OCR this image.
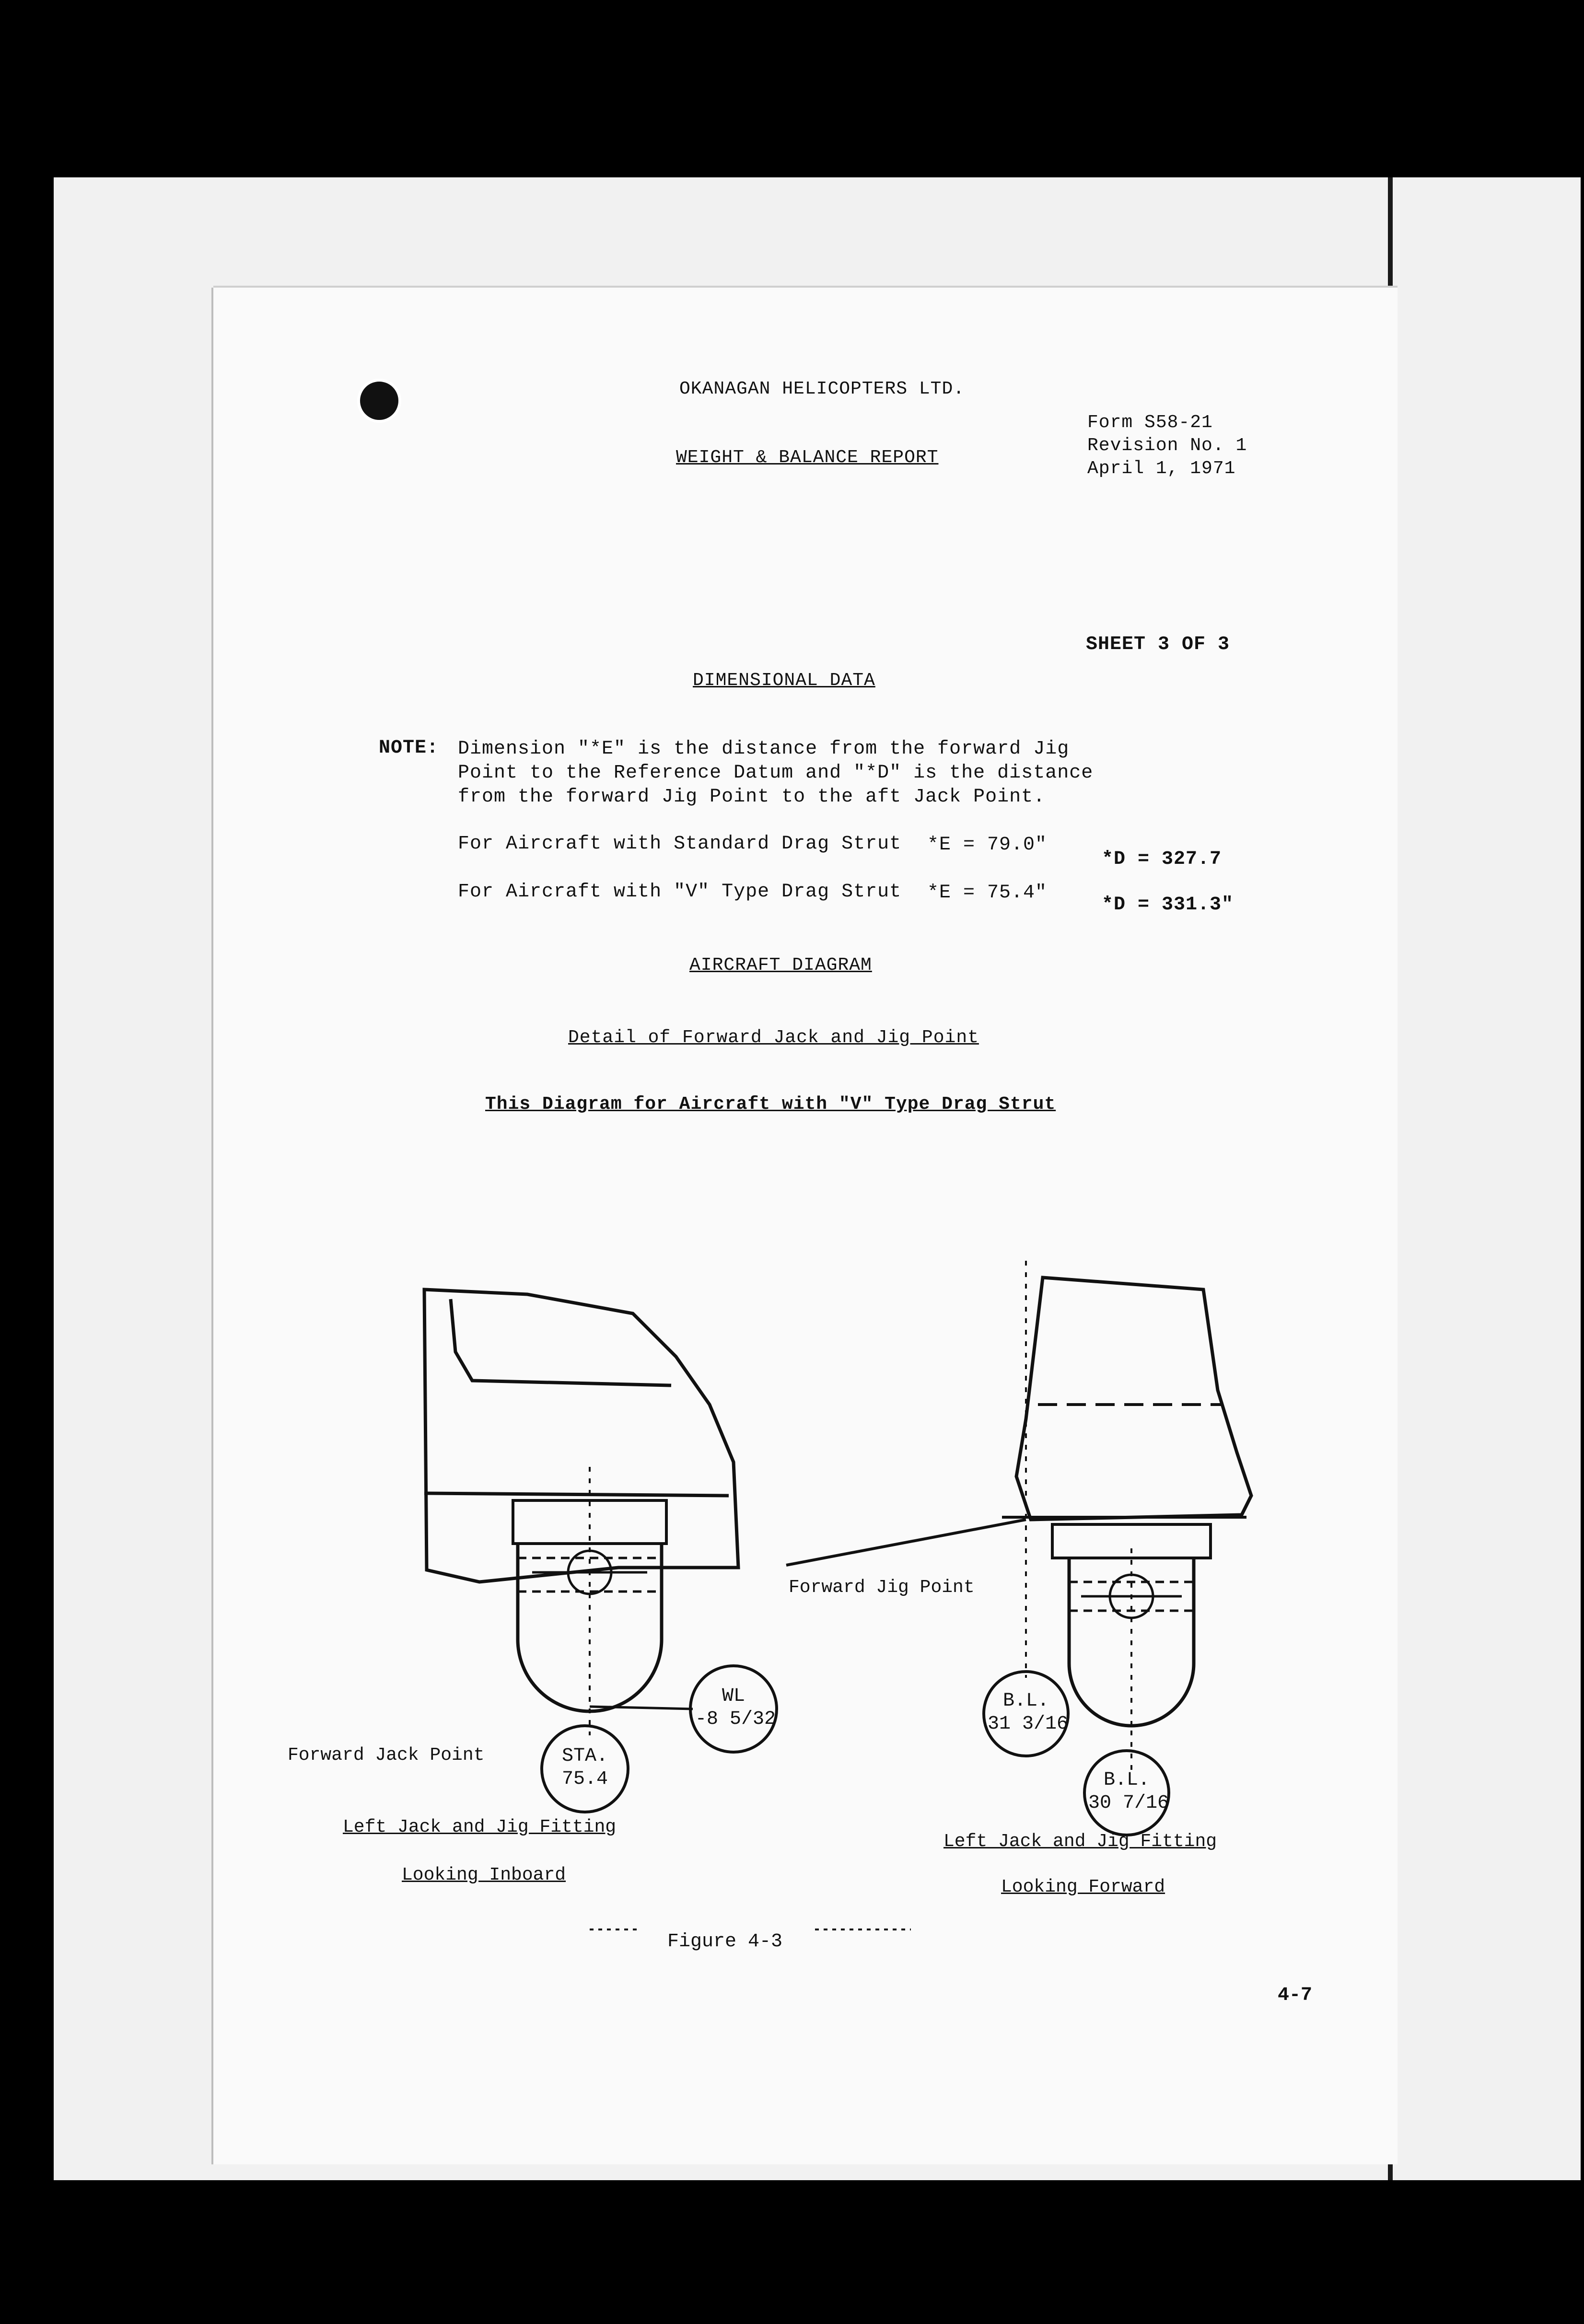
OKANAGAN HELICOPTERS LTD.
WEIGHT & BALANCE REPORT
Form S58-21
Revision No. 1
April 1, 1971
SHEET 3 OF 3
DIMENSIONAL DATA
NOTE: Dimension "*E" is the distance from the forward Jig
Point to the Reference Datum and "*D" is the distance
from the forward Jig Point to the aft Jack Point.
For Aircraft with Standard Drag Strut *E = 79.0"
*D = 327.7
For Aircraft with "V" Type Drag Strut *E = 75.4"
*D = 331.3"
AIRCRAFT DIAGRAM
Detail of Forward Jack and Jig Point
This Diagram for Aircraft with "V" Type Drag Strut
Forward Jig Point
Forward Jack Point
WL
-8 5/32
STA.
75.4
B.L.
31 3/16
B.L.
30 7/16
Left Jack and Jig Fitting
Looking Inboard
Left Jack and Jig Fitting
Looking Forward
Figure 4-3
4-7
